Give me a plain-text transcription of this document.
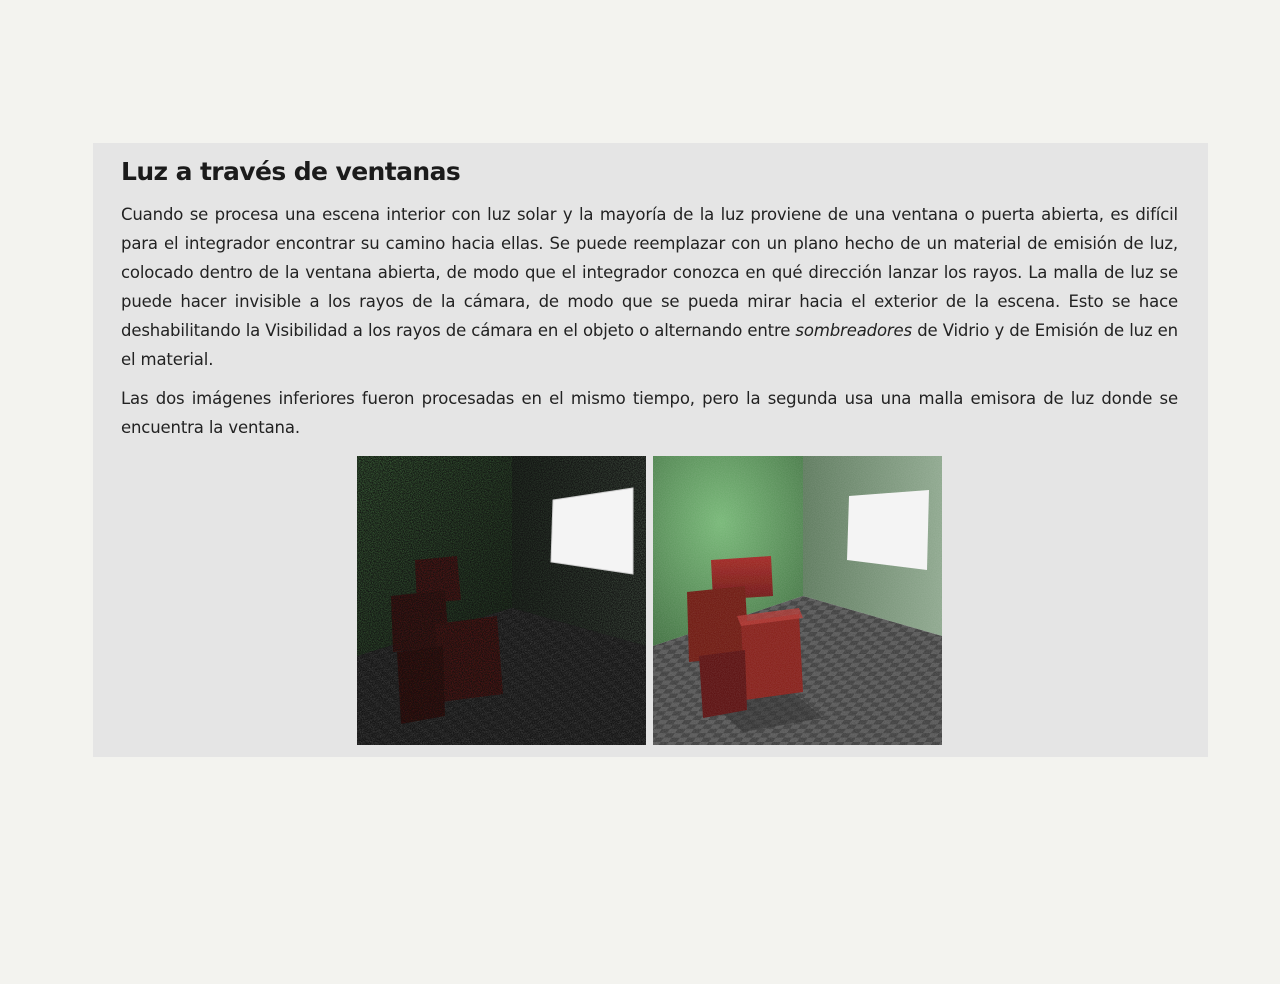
Luz a través de ventanas

Cuando se procesa una escena interior con luz solar y la mayoría de la luz proviene de una ventana o puerta abierta, es difícil para el integrador encontrar su camino hacia ellas. Se puede reemplazar con un plano hecho de un material de emisión de luz, colocado dentro de la ventana abierta, de modo que el integrador conozca en qué dirección lanzar los rayos. La malla de luz se puede hacer invisible a los rayos de la cámara, de modo que se pueda mirar hacia el exterior de la escena. Esto se hace deshabilitando la Visibilidad a los rayos de cámara en el objeto o alternando entre sombreadores de Vidrio y de Emisión de luz en el material.

Las dos imágenes inferiores fueron procesadas en el mismo tiempo, pero la segunda usa una malla emisora de luz donde se encuentra la ventana.
